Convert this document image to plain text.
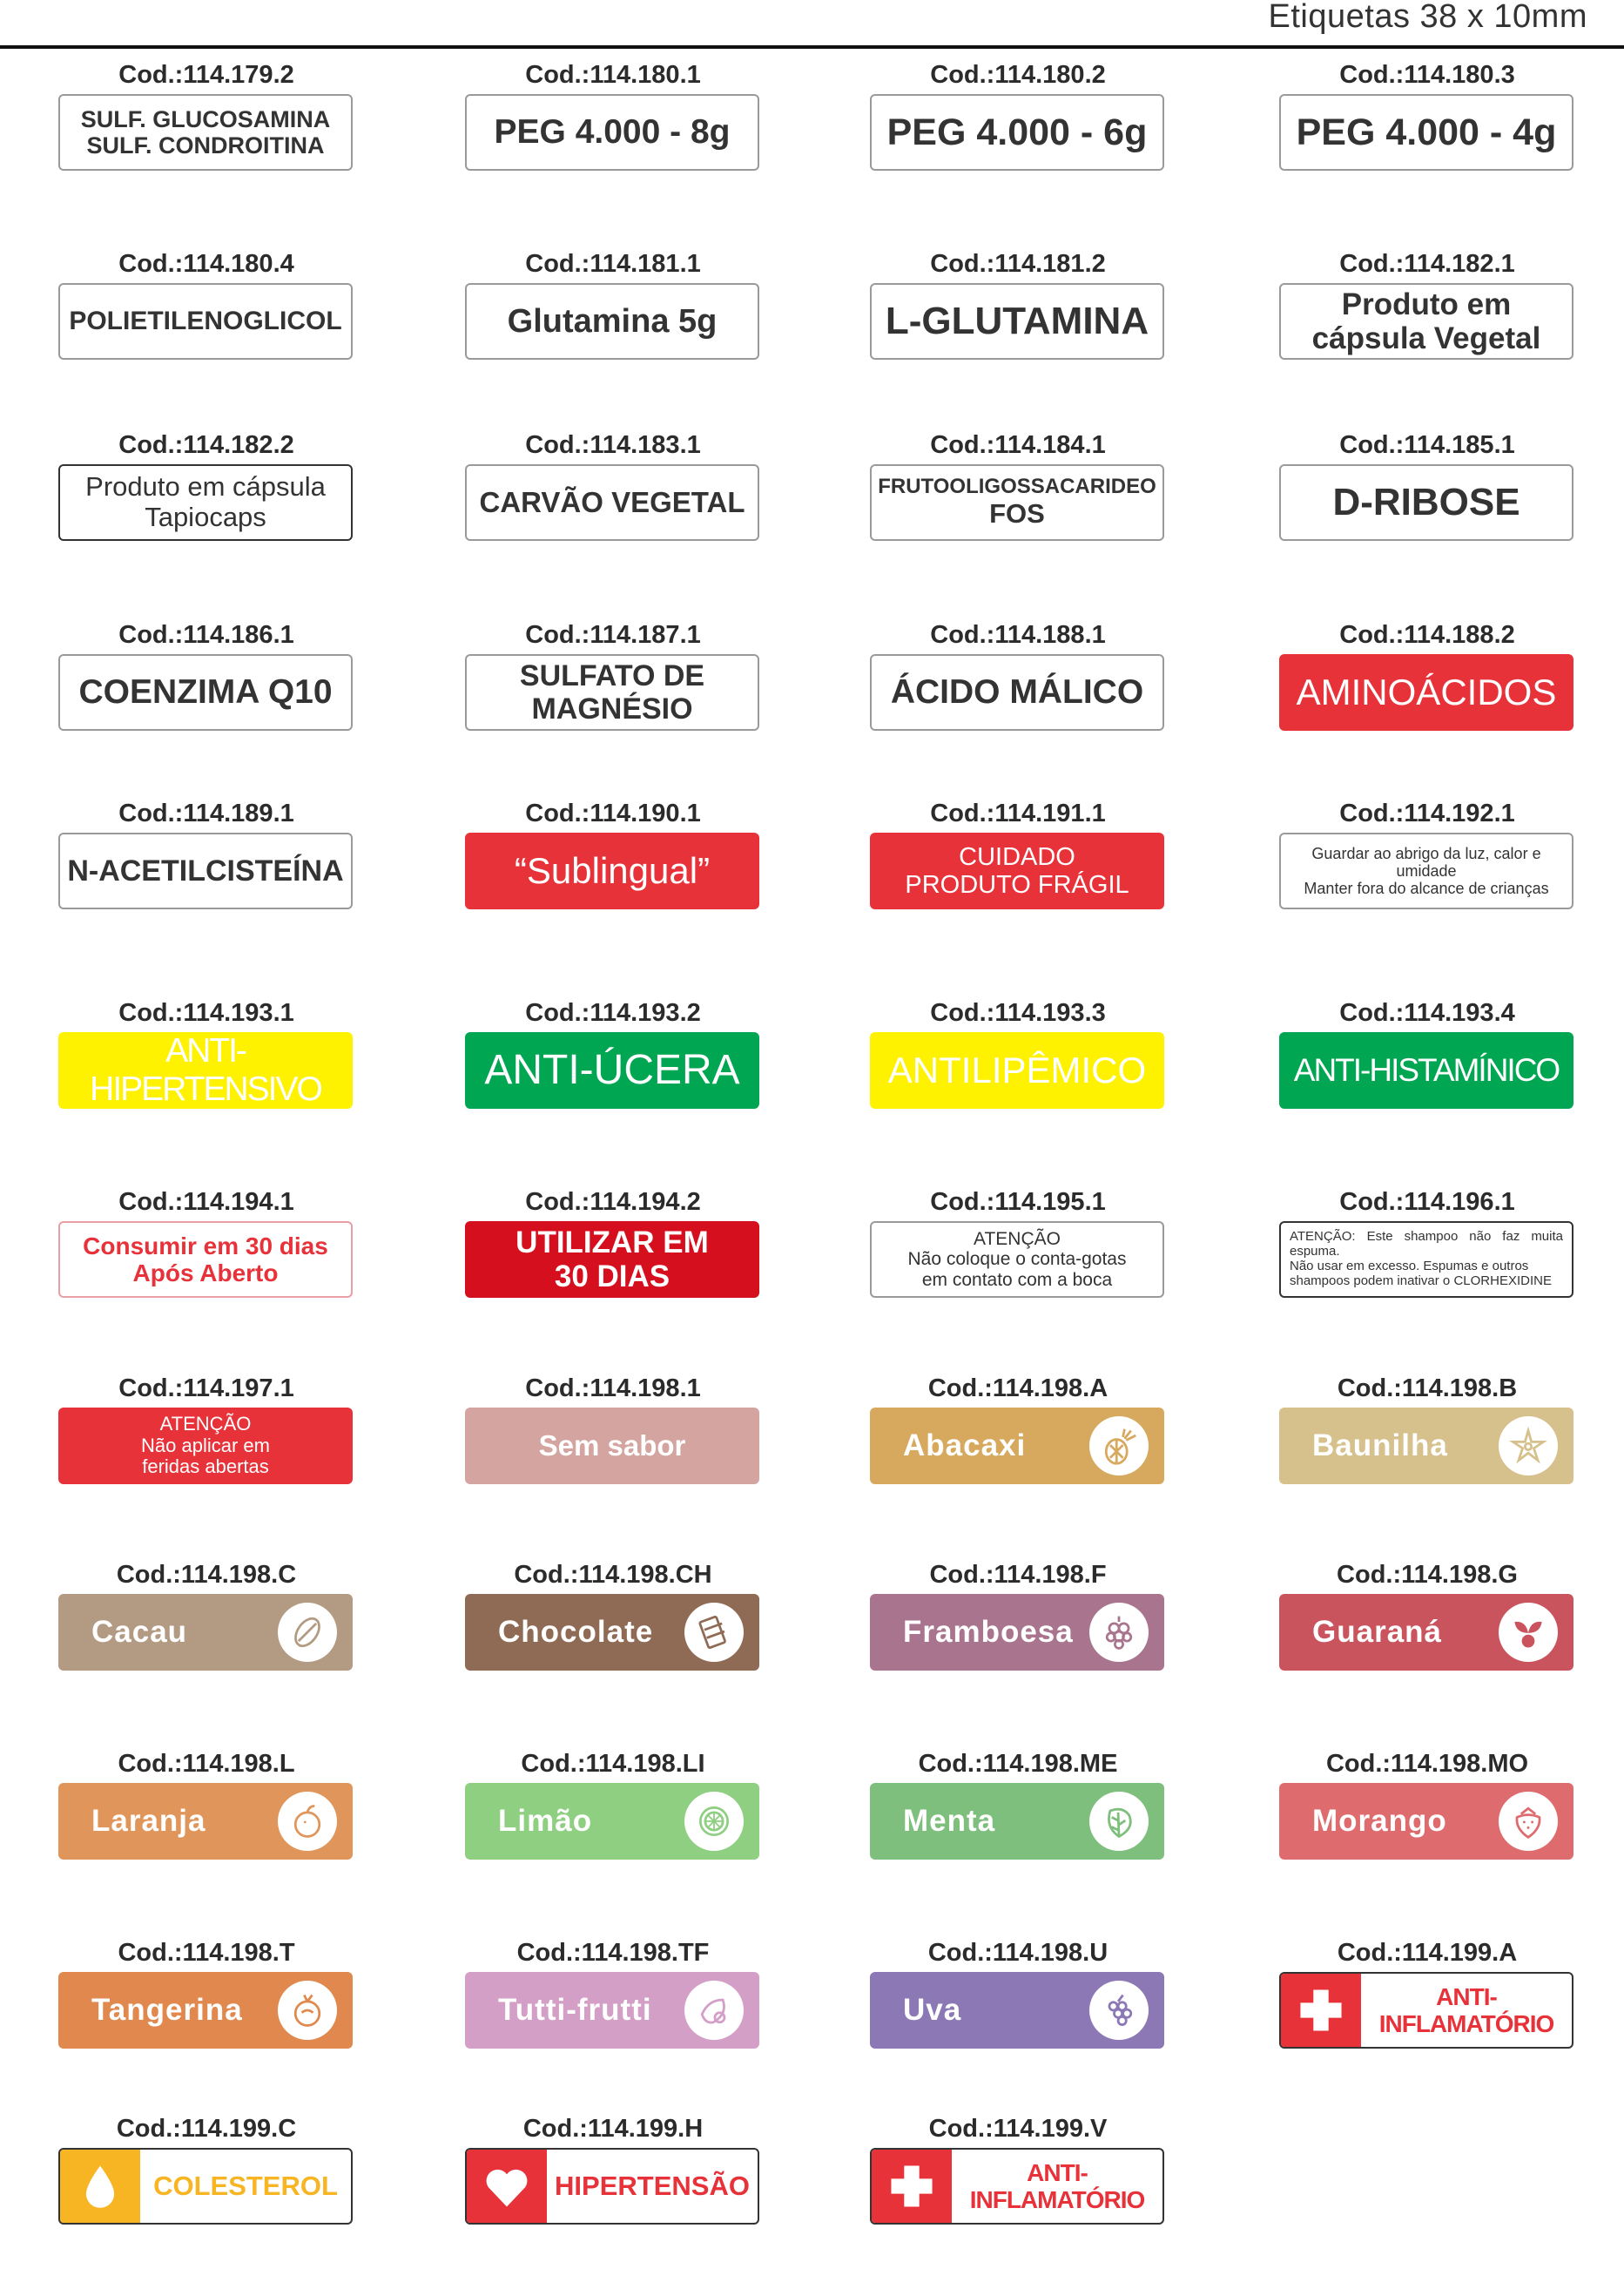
Etiquetas 38 x 10mm
Cod.:114.179.2
SULF. GLUCOSAMINA
SULF. CONDROITINA
Cod.:114.180.1
PEG 4.000 - 8g
Cod.:114.180.2
PEG 4.000 - 6g
Cod.:114.180.3
PEG 4.000 - 4g
Cod.:114.180.4
POLIETILENOGLICOL
Cod.:114.181.1
Glutamina 5g
Cod.:114.181.2
L-GLUTAMINA
Cod.:114.182.1
Produto em
cápsula Vegetal
Cod.:114.182.2
Produto em cápsula
Tapiocaps
Cod.:114.183.1
CARVÃO VEGETAL
Cod.:114.184.1
FRUTOOLIGOSSACARIDEO
FOS
Cod.:114.185.1
D-RIBOSE
Cod.:114.186.1
COENZIMA Q10
Cod.:114.187.1
SULFATO DE
MAGNÉSIO
Cod.:114.188.1
ÁCIDO MÁLICO
Cod.:114.188.2
AMINOÁCIDOS
Cod.:114.189.1
N-ACETILCISTEÍNA
Cod.:114.190.1
“Sublingual”
Cod.:114.191.1
CUIDADO
PRODUTO FRÁGIL
Cod.:114.192.1
Guardar ao abrigo da luz, calor e umidade
Manter fora do alcance de crianças
Cod.:114.193.1
ANTI-HIPERTENSIVO
Cod.:114.193.2
ANTI-ÚCERA
Cod.:114.193.3
ANTILIPÊMICO
Cod.:114.193.4
ANTI-HISTAMÍNICO
Cod.:114.194.1
Consumir em 30 dias
Após Aberto
Cod.:114.194.2
UTILIZAR EM
30 DIAS
Cod.:114.195.1
ATENÇÃO
Não coloque o conta-gotas
em contato com a boca
Cod.:114.196.1
ATENÇÃO: Este shampoo não faz muita espuma.
Não usar em excesso. Espumas e outros
shampoos podem inativar o CLORHEXIDINE
Cod.:114.197.1
ATENÇÃO
Não aplicar em
feridas abertas
Cod.:114.198.1
Sem sabor
Cod.:114.198.A
Abacaxi
Cod.:114.198.B
Baunilha
Cod.:114.198.C
Cacau
Cod.:114.198.CH
Chocolate
Cod.:114.198.F
Framboesa
Cod.:114.198.G
Guaraná
Cod.:114.198.L
Laranja
Cod.:114.198.LI
Limão
Cod.:114.198.ME
Menta
Cod.:114.198.MO
Morango
Cod.:114.198.T
Tangerina
Cod.:114.198.TF
Tutti-frutti
Cod.:114.198.U
Uva
Cod.:114.199.A
ANTI-INFLAMATÓRIO
Cod.:114.199.C
COLESTEROL
Cod.:114.199.H
HIPERTENSÃO
Cod.:114.199.V
ANTI-INFLAMATÓRIO
